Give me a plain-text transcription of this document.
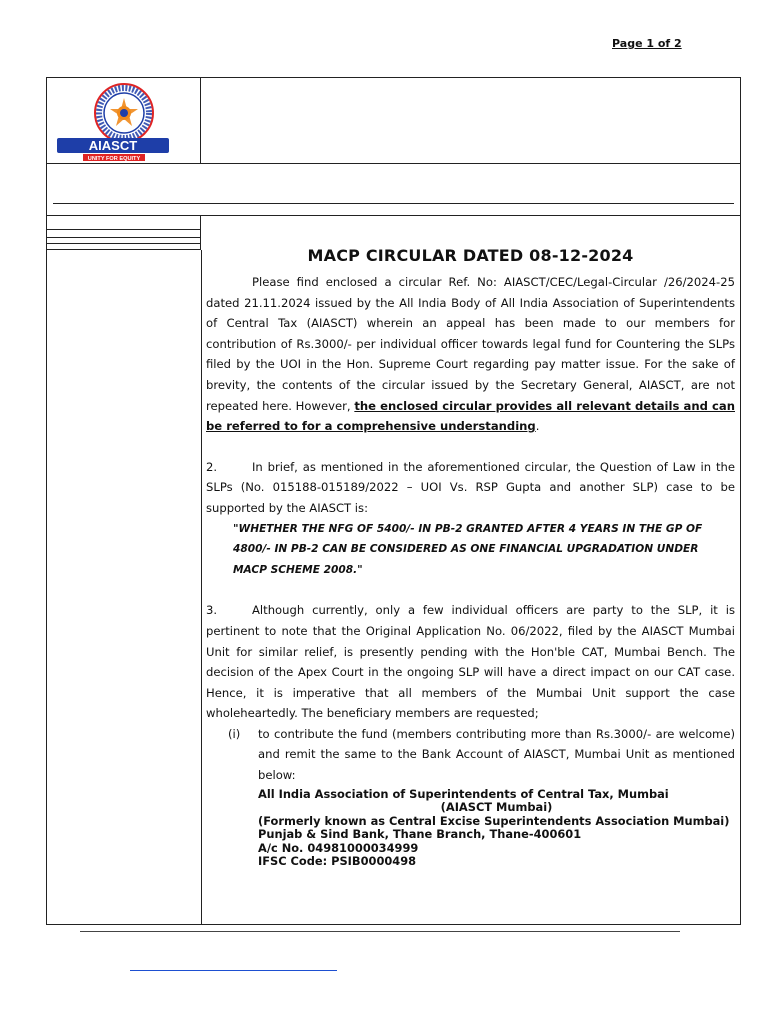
Page 1 of 2
AIASCT
UNITY FOR EQUITY
MACP CIRCULAR DATED 08-12-2024

Please find enclosed a circular Ref. No: AIASCT/CEC/Legal-Circular /26/2024-25 dated 21.11.2024 issued by the All India Body of All India Association of Superintendents of Central Tax (AIASCT) wherein an appeal has been made to our members for contribution of Rs.3000/- per individual officer towards legal fund for Countering the SLPs filed by the UOI in the Hon. Supreme Court regarding pay matter issue. For the sake of brevity, the contents of the circular issued by the Secretary General, AIASCT, are not repeated here. However, the enclosed circular provides all relevant details and can be referred to for a comprehensive understanding.

2.	In brief, as mentioned in the aforementioned circular, the Question of Law in the SLPs (No. 015188-015189/2022 – UOI Vs. RSP Gupta and another SLP) case to be supported by the AIASCT is:

"WHETHER THE NFG OF 5400/- IN PB-2 GRANTED AFTER 4 YEARS IN THE GP OF 4800/- IN PB-2 CAN BE CONSIDERED AS ONE FINANCIAL UPGRADATION UNDER MACP SCHEME 2008."

3.	Although currently, only a few individual officers are party to the SLP, it is pertinent to note that the Original Application No. 06/2022, filed by the AIASCT Mumbai Unit for similar relief, is presently pending with the Hon'ble CAT, Mumbai Bench. The decision of the Apex Court in the ongoing SLP will have a direct impact on our CAT case. Hence, it is imperative that all members of the Mumbai Unit support the case wholeheartedly. The beneficiary members are requested;

(i)	to contribute the fund (members contributing more than Rs.3000/- are welcome) and remit the same to the Bank Account of AIASCT, Mumbai Unit as mentioned below:
All India Association of Superintendents of Central Tax, Mumbai
(AIASCT Mumbai)
(Formerly known as Central Excise Superintendents Association Mumbai)
Punjab & Sind Bank, Thane Branch, Thane-400601
A/c No. 04981000034999
IFSC Code: PSIB0000498
